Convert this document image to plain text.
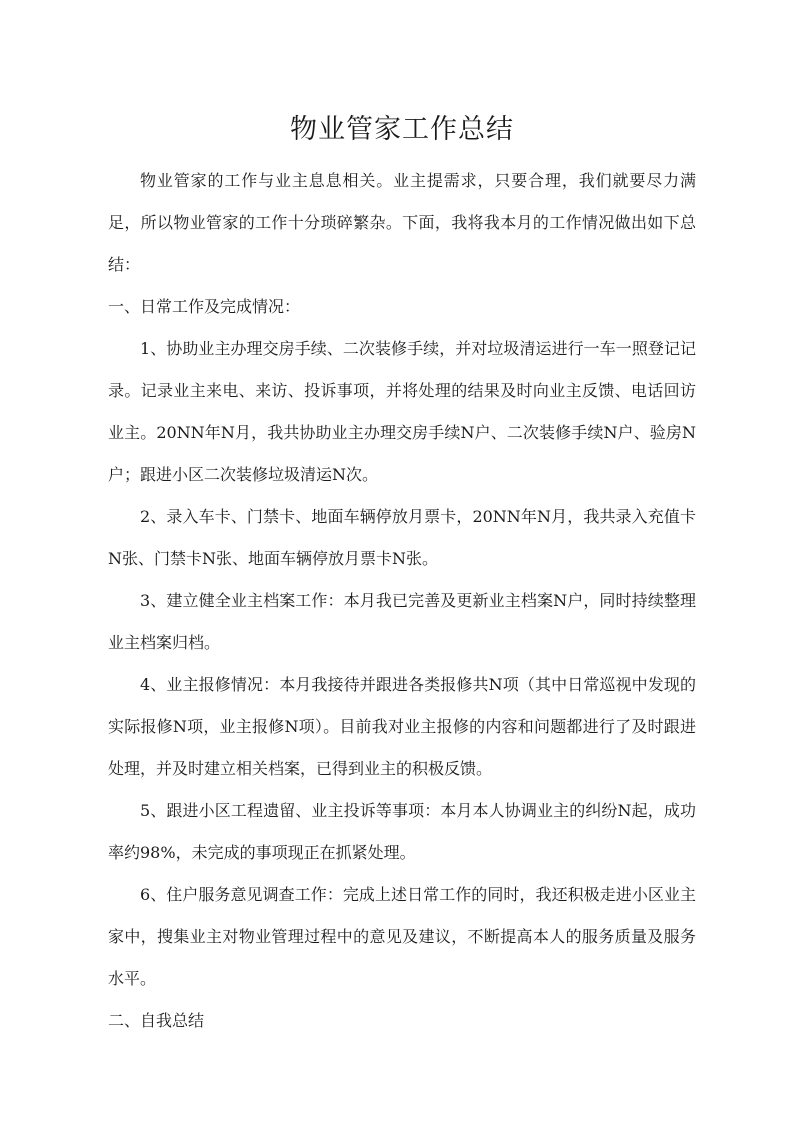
物业管家工作总结

物业管家的工作与业主息息相关。业主提需求，只要合理，我们就要尽力满足，所以物业管家的工作十分琐碎繁杂。下面，我将我本月的工作情况做出如下总结：

一、日常工作及完成情况：

1、协助业主办理交房手续、二次装修手续，并对垃圾清运进行一车一照登记记录。记录业主来电、来访、投诉事项，并将处理的结果及时向业主反馈、电话回访业主。20NN年N月，我共协助业主办理交房手续N户、二次装修手续N户、验房N户；跟进小区二次装修垃圾清运N次。

2、录入车卡、门禁卡、地面车辆停放月票卡，20NN年N月，我共录入充值卡N张、门禁卡N张、地面车辆停放月票卡N张。

3、建立健全业主档案工作：本月我已完善及更新业主档案N户，同时持续整理业主档案归档。

4、业主报修情况：本月我接待并跟进各类报修共N项（其中日常巡视中发现的实际报修N项，业主报修N项）。目前我对业主报修的内容和问题都进行了及时跟进处理，并及时建立相关档案，已得到业主的积极反馈。

5、跟进小区工程遗留、业主投诉等事项：本月本人协调业主的纠纷N起，成功率约98%，未完成的事项现正在抓紧处理。

6、住户服务意见调查工作：完成上述日常工作的同时，我还积极走进小区业主家中，搜集业主对物业管理过程中的意见及建议，不断提高本人的服务质量及服务水平。

二、自我总结
